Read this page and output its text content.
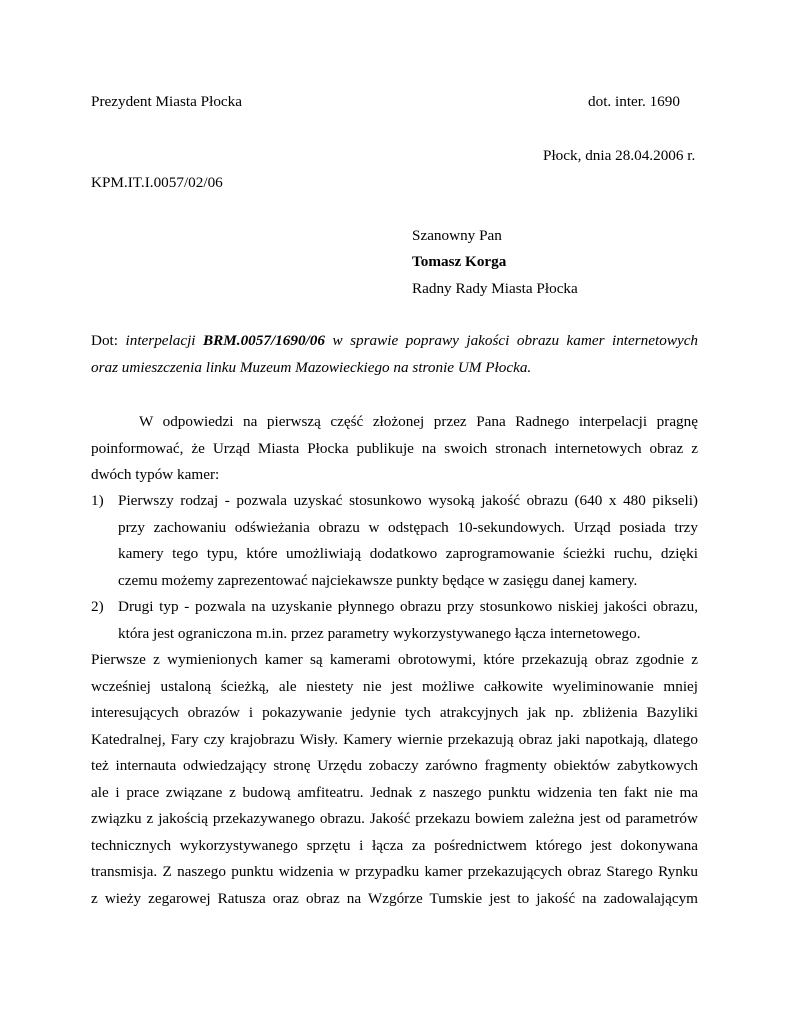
Prezydent Miasta Płocka	dot. inter. 1690
Płock, dnia 28.04.2006 r.
KPM.IT.I.0057/02/06
Szanowny Pan
Tomasz Korga
Radny Rady Miasta Płocka
Dot: interpelacji BRM.0057/1690/06 w sprawie poprawy jakości obrazu kamer internetowych
oraz umieszczenia linku Muzeum Mazowieckiego na stronie UM Płocka.
W odpowiedzi na pierwszą część złożonej przez Pana Radnego interpelacji pragnę
poinformować, że Urząd Miasta Płocka publikuje na swoich stronach internetowych obraz z
dwóch typów kamer:
1) Pierwszy rodzaj - pozwala uzyskać stosunkowo wysoką jakość obrazu (640 x 480 pikseli)
przy zachowaniu odświeżania obrazu w odstępach 10-sekundowych. Urząd posiada trzy
kamery tego typu, które umożliwiają dodatkowo zaprogramowanie ścieżki ruchu, dzięki
czemu możemy zaprezentować najciekawsze punkty będące w zasięgu danej kamery.
2) Drugi typ - pozwala na uzyskanie płynnego obrazu przy stosunkowo niskiej jakości obrazu,
która jest ograniczona m.in. przez parametry wykorzystywanego łącza internetowego.
Pierwsze z wymienionych kamer są kamerami obrotowymi, które przekazują obraz zgodnie z
wcześniej ustaloną ścieżką, ale niestety nie jest możliwe całkowite wyeliminowanie mniej
interesujących obrazów i pokazywanie jedynie tych atrakcyjnych jak np. zbliżenia Bazyliki
Katedralnej, Fary czy krajobrazu Wisły. Kamery wiernie przekazują obraz jaki napotkają, dlatego
też internauta odwiedzający stronę Urzędu zobaczy zarówno fragmenty obiektów zabytkowych
ale i prace związane z budową amfiteatru. Jednak z naszego punktu widzenia ten fakt nie ma
związku z jakością przekazywanego obrazu. Jakość przekazu bowiem zależna jest od parametrów
technicznych wykorzystywanego sprzętu i łącza za pośrednictwem którego jest dokonywana
transmisja. Z naszego punktu widzenia w przypadku kamer przekazujących obraz Starego Rynku
z wieży zegarowej Ratusza oraz obraz na Wzgórze Tumskie jest to jakość na zadowalającym
